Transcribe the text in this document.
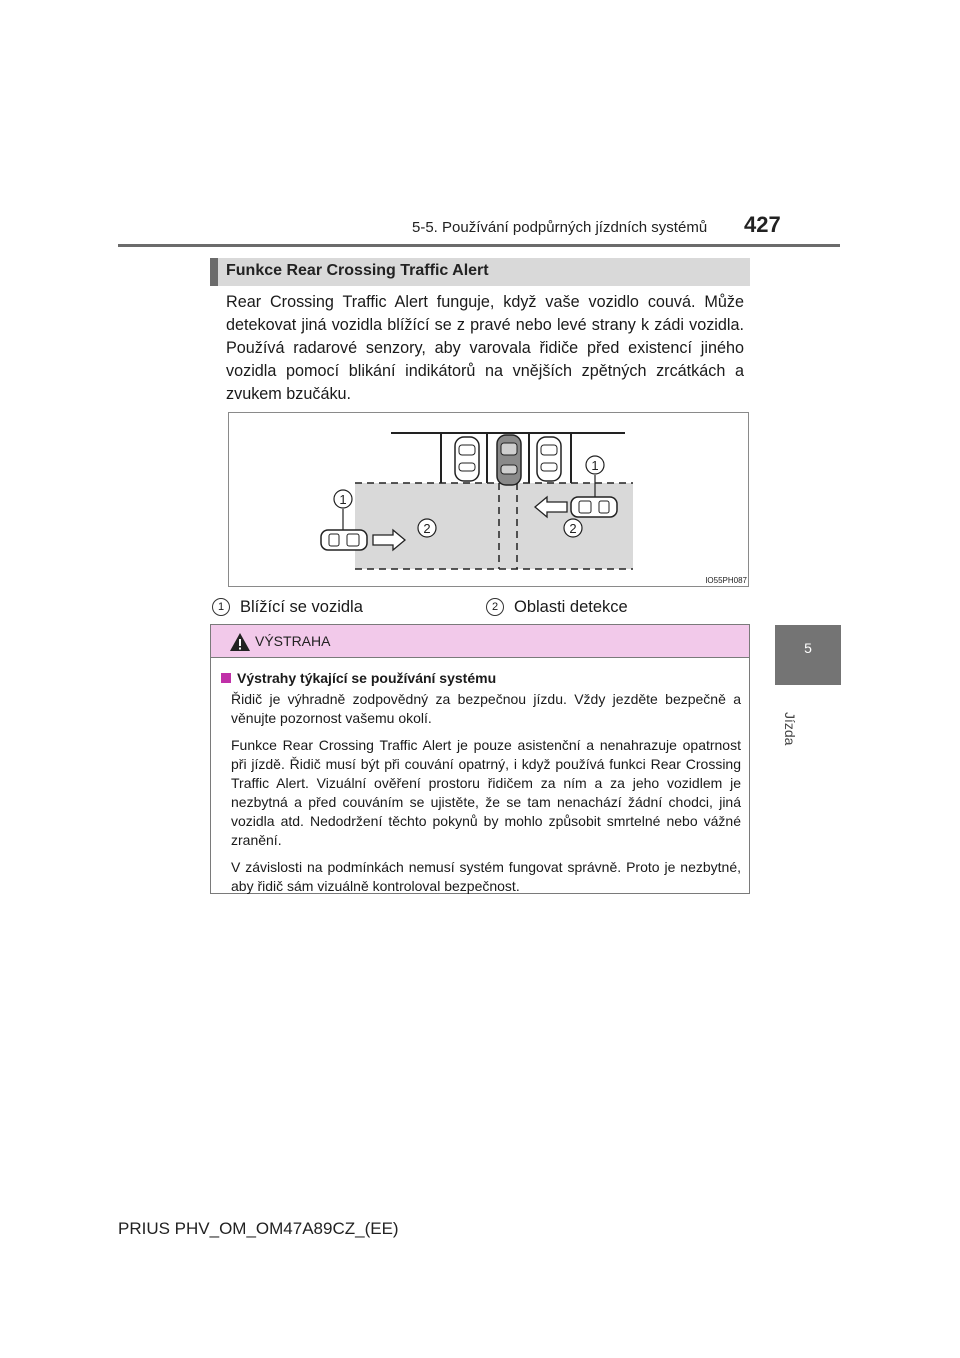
5-5. Používání podpůrných jízdních systémů 427
5
Jízda
Funkce Rear Crossing Traffic Alert
Rear Crossing Traffic Alert funguje, když vaše vozidlo couvá. Může detekovat jiná vozidla blížící se z pravé nebo levé strany k zádi vozidla. Používá radarové senzory, aby varovala řidiče před existencí jiného vozidla pomocí blikání indikátorů na vnějších zpětných zrcátkách a zvukem bzučáku.
1
1
2	2
IO55PH087
1 Blížící se vozidla	2 Oblasti detekce
VÝSTRAHA
Výstrahy týkající se používání systému

Řidič je výhradně zodpovědný za bezpečnou jízdu. Vždy jezděte bezpečně a věnujte pozornost vašemu okolí.

Funkce Rear Crossing Traffic Alert je pouze asistenční a nenahrazuje opatrnost při jízdě. Řidič musí být při couvání opatrný, i když používá funkci Rear Crossing Traffic Alert. Vizuální ověření prostoru řidičem za ním a za jeho vozidlem je nezbytná a před couváním se ujistěte, že se tam nenachází žádní chodci, jiná vozidla atd. Nedodržení těchto pokynů by mohlo způsobit smrtelné nebo vážné zranění.

V závislosti na podmínkách nemusí systém fungovat správně. Proto je nezbytné, aby řidič sám vizuálně kontroloval bezpečnost.

PRIUS PHV_OM_OM47A89CZ_(EE)
